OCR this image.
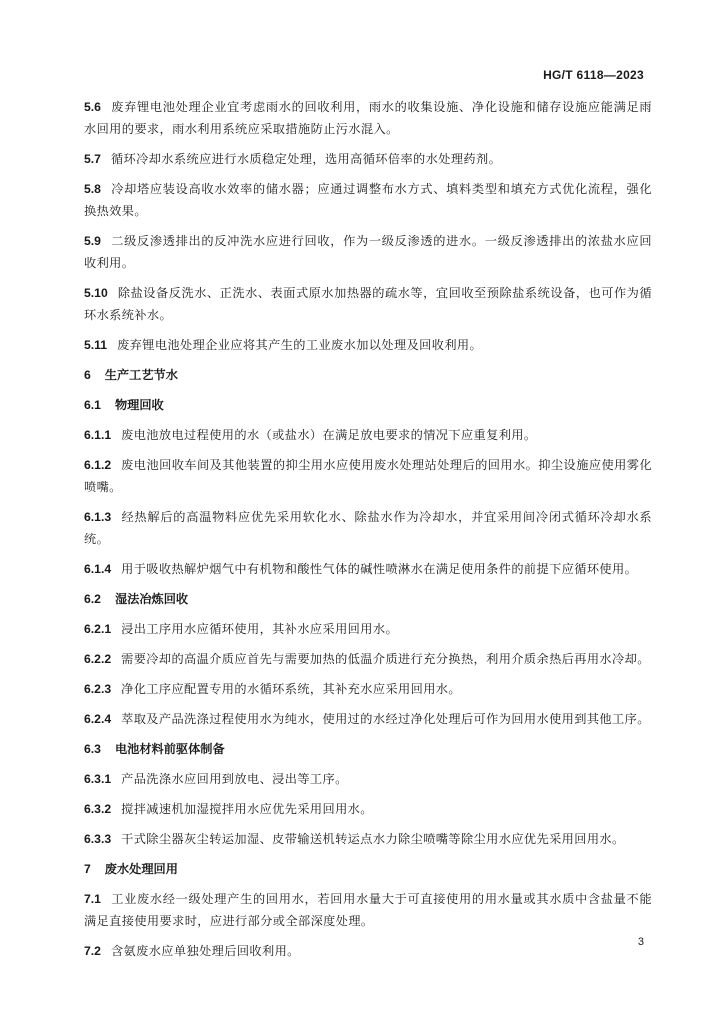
HG/T 6118—2023

5.6 废弃锂电池处理企业宜考虑雨水的回收利用，雨水的收集设施、净化设施和储存设施应能满足雨水回用的要求，雨水利用系统应采取措施防止污水混入。

5.7 循环冷却水系统应进行水质稳定处理，选用高循环倍率的水处理药剂。

5.8 冷却塔应装设高收水效率的储水器；应通过调整布水方式、填料类型和填充方式优化流程，强化换热效果。

5.9 二级反渗透排出的反冲洗水应进行回收，作为一级反渗透的进水。一级反渗透排出的浓盐水应回收利用。

5.10 除盐设备反洗水、正洗水、表面式原水加热器的疏水等，宜回收至预除盐系统设备，也可作为循环水系统补水。

5.11 废弃锂电池处理企业应将其产生的工业废水加以处理及回收利用。

6 生产工艺节水

6.1 物理回收

6.1.1 废电池放电过程使用的水（或盐水）在满足放电要求的情况下应重复利用。

6.1.2 废电池回收车间及其他装置的抑尘用水应使用废水处理站处理后的回用水。抑尘设施应使用雾化喷嘴。

6.1.3 经热解后的高温物料应优先采用软化水、除盐水作为冷却水，并宜采用间冷闭式循环冷却水系统。

6.1.4 用于吸收热解炉烟气中有机物和酸性气体的碱性喷淋水在满足使用条件的前提下应循环使用。

6.2 湿法冶炼回收

6.2.1 浸出工序用水应循环使用，其补水应采用回用水。

6.2.2 需要冷却的高温介质应首先与需要加热的低温介质进行充分换热，利用介质余热后再用水冷却。

6.2.3 净化工序应配置专用的水循环系统，其补充水应采用回用水。

6.2.4 萃取及产品洗涤过程使用水为纯水，使用过的水经过净化处理后可作为回用水使用到其他工序。

6.3 电池材料前驱体制备

6.3.1 产品洗涤水应回用到放电、浸出等工序。

6.3.2 搅拌减速机加湿搅拌用水应优先采用回用水。

6.3.3 干式除尘器灰尘转运加湿、皮带输送机转运点水力除尘喷嘴等除尘用水应优先采用回用水。

7 废水处理回用

7.1 工业废水经一级处理产生的回用水，若回用水量大于可直接使用的用水量或其水质中含盐量不能满足直接使用要求时，应进行部分或全部深度处理。

7.2 含氨废水应单独处理后回收利用。

3
